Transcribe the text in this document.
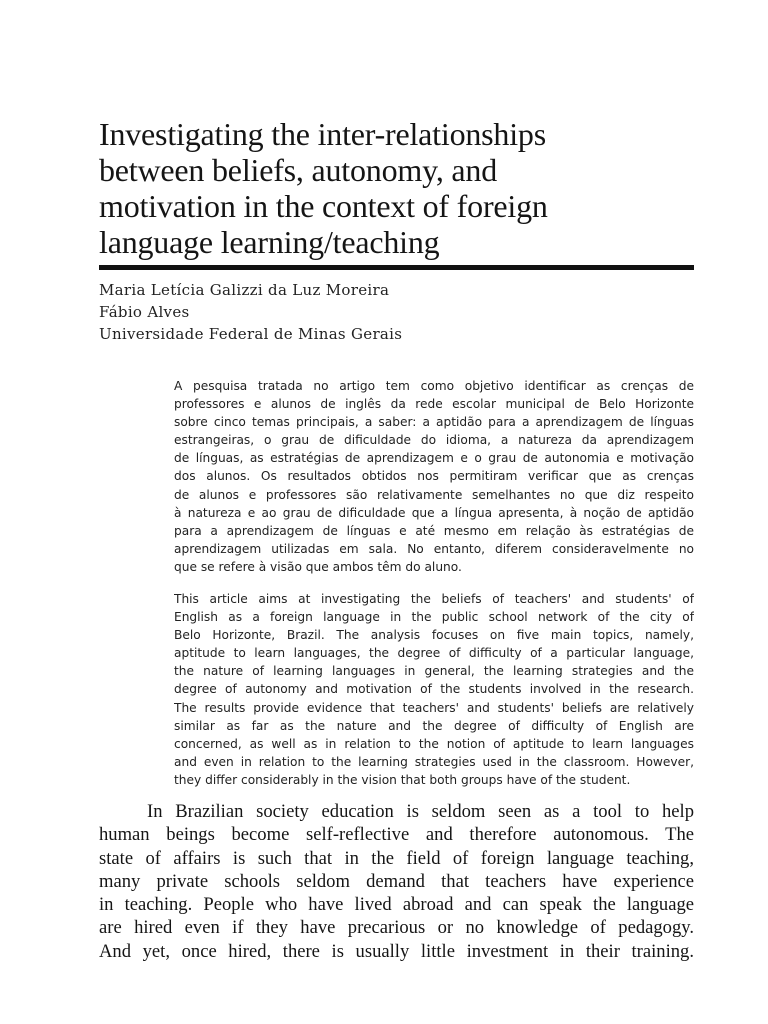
Investigating the inter-relationships
between beliefs, autonomy, and
motivation in the context of foreign
language learning/teaching
Maria Letícia Galizzi da Luz Moreira
Fábio Alves
Universidade Federal de Minas Gerais
A pesquisa tratada no artigo tem como objetivo identificar as crenças de
professores e alunos de inglês da rede escolar municipal de Belo Horizonte
sobre cinco temas principais, a saber: a aptidão para a aprendizagem de línguas
estrangeiras, o grau de dificuldade do idioma, a natureza da aprendizagem
de línguas, as estratégias de aprendizagem e o grau de autonomia e motivação
dos alunos. Os resultados obtidos nos permitiram verificar que as crenças
de alunos e professores são relativamente semelhantes no que diz respeito
à natureza e ao grau de dificuldade que a língua apresenta, à noção de aptidão
para a aprendizagem de línguas e até mesmo em relação às estratégias de
aprendizagem utilizadas em sala. No entanto, diferem consideravelmente no
que se refere à visão que ambos têm do aluno.
This article aims at investigating the beliefs of teachers' and students' of
English as a foreign language in the public school network of the city of
Belo Horizonte, Brazil. The analysis focuses on five main topics, namely,
aptitude to learn languages, the degree of difficulty of a particular language,
the nature of learning languages in general, the learning strategies and the
degree of autonomy and motivation of the students involved in the research.
The results provide evidence that teachers' and students' beliefs are relatively
similar as far as the nature and the degree of difficulty of English are
concerned, as well as in relation to the notion of aptitude to learn languages
and even in relation to the learning strategies used in the classroom. However,
they differ considerably in the vision that both groups have of the student.
In Brazilian society education is seldom seen as a tool to help
human beings become self-reflective and therefore autonomous. The
state of affairs is such that in the field of foreign language teaching,
many private schools seldom demand that teachers have experience
in teaching. People who have lived abroad and can speak the language
are hired even if they have precarious or no knowledge of pedagogy.
And yet, once hired, there is usually little investment in their training.
